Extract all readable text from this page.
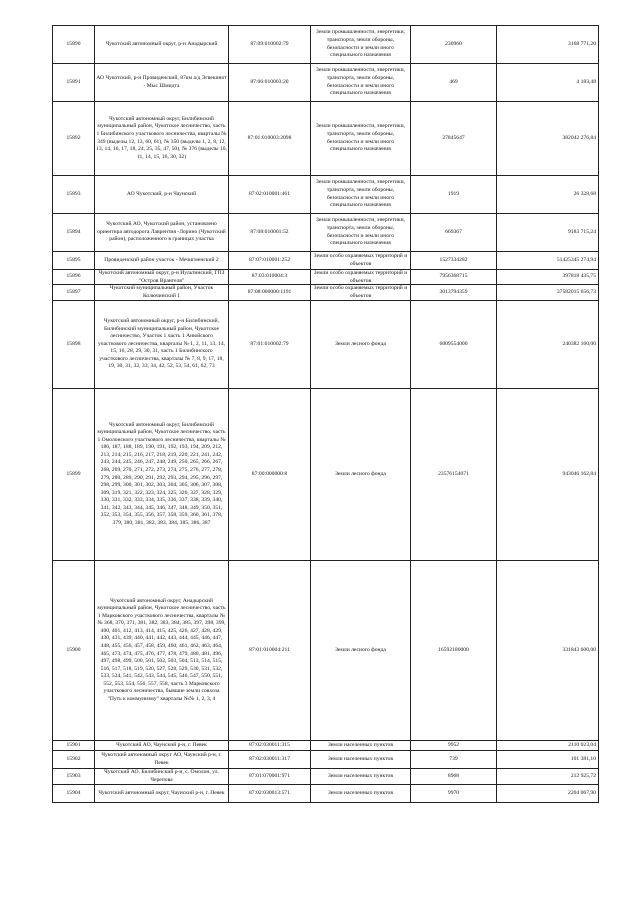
15890	Чукотский автономный округ, р-н Анадырский	87:09:010002:79	Земли промышленности, энергетики, транспорта, земли обороны, безопасности и земли иного специального назначения	230960	3168 771,20

15891	АО Чукотский, р-н Провиденский, 87км а/д Эгвекинот - Мыс Шмидта	87:06:010003:20	Земли промышленности, энергетики, транспорта, земли обороны, безопасности и земли иного специального назначения	469	4 183,48

15892	Чукотский автономный округ, Билибинский муниципальный район, Чукотское лесничество, часть 1 Билибинского участкового лесничества, кварталы № 349 (выделы 12, 13, 60, 61), № 350 (выделы 1, 2, 8, 12, 13, 14, 16, 17, 18, 24, 25, 35, 47, 50), № 376 (выделы 10, 11, 14, 15, 16, 30, 32)	87:01:010003:2098	Земли промышленности, энергетики, транспорта, земли обороны, безопасности и земли иного специального назначения	27845647	382042 276,84

15893	АО Чукотский, р-н Чаунский	87:02:010001:461	Земли промышленности, энергетики, транспорта, земли обороны, безопасности и земли иного специального назначения	1919	26 328,68

15894	Чукотский АО, Чукотский район, установлено ориентира автодорога Лаврентия -Лорино (Чукотский район), расположенного в границах участка	87:08:010001:52	Земли промышленности, энергетики, транспорта, земли обороны, безопасности и земли иного специального назначения	669367	9183 715,24

15895	Провиденский район участок - Мечигменский 2	87:07:010001:252	Земли особо охраняемых территорий и объектов	1527334282	51425345 274,94

15896	Чукотский автономный округ, р-н Иультинский, ГПЗ "Остров Врангеля"	87:03:010004:3	Земли особо охраняемых территорий и объектов	7956368715	397818 435,75

15897	Чукотский муниципальный район, Участок Колючинский 1	87:08:000000:1191	Земли особо охраняемых территорий и объектов	3013794359	37582015 656,73

15898	Чукотский автономный округ, р-н Билибинский, Билибинский муниципальный район, Чукотское лесничество, Участок 1 часть 1 Анюйского участкового лесничества, кварталы № 1, 2, 11, 13, 14, 15, 16, 28, 29, 30, 31, часть 1 Билибинского участкового лесничества, кварталы № 7, 8, 9, 17, 18, 19, 30, 31, 32, 33, 34, 42, 52, 53, 54, 61, 62, 73	87:01:010002:79	Земли лесного фонда	6009554000	240382 160,00

15899	Чукотский автономный округ, Билибинский муниципальный район, Чукотское лесничество, часть 1 Омолонского участкового лесничества, кварталы № 186, 187, 188, 189, 190, 191, 192, 193, 194, 209, 212, 213, 214, 215, 216, 217, 218, 219, 220, 221, 241, 242, 243, 244, 245, 246, 247, 248, 249, 250, 265, 266, 267, 268, 269, 270, 271, 272, 273, 274, 275, 276, 277, 278, 279, 280, 289, 290, 291, 292, 293, 294, 295, 296, 297, 298, 299, 300, 301, 302, 303, 304, 305, 306, 307, 308, 309, 319, 321, 322, 323, 324, 325, 326, 327, 328, 329, 330, 331, 332, 333, 334, 335, 336, 337, 338, 339, 340, 341, 342, 343, 344, 345, 346, 347, 348, 349, 350, 351, 352, 353, 354, 355, 356, 357, 358, 359, 360, 361, 378, 379, 380, 381, 382, 383, 384, 385, 386, 387	87:00:000000:8	Земли лесного фонда	23576154071	943046 162,84

15900	Чукотский автономный округ, Анадырский муниципальный район, Чукотское лесничество, часть 1 Марковского участкового лесничества, кварталы №№ 368, 370, 371, 381, 382, 383, 384, 385, 397, 398, 399, 400, 401, 412, 413, 414, 415, 425, 426, 427, 428, 429, 430, 431, 439, 440, 441, 442, 443, 444, 445, 446, 447, 448, 455, 456, 457, 458, 459, 460, 461, 462, 463, 464, 465, 473, 474, 475, 476, 477, 478, 479, 480, 481, 496, 497, 498, 499, 500, 501, 502, 503, 504, 513, 514, 515, 516, 517, 518, 519, 520, 527, 528, 529, 530, 531, 532, 533, 534, 541, 542, 543, 544, 545, 546, 547, 550, 551, 552, 553, 554, 556, 557, 558, часть 3 Марковского участкового лесничества, бывшие земли совхоза "Путь к коммунизму" кварталы №№ 1, 2, 3, 4	87:01:010004:211	Земли лесного фонда	16592180000	331843 600,00

15901	Чукотский АО, Чаунский р-н, г. Певек	87:02:030011:315	Земли населенных пунктов	9952	2110 023,04

15902	Чукотский автономный округ АО, Чаунский р-н, г. Певек	87:02:030011:317	Земли населенных пунктов	739	101 381,10

15903	Чукотский АО, Билибинский р-н, с. Омолон, ул. Черепова	87:01:070001:971	Земли населенных пунктов	8968	212 925,72

15904	Чукотский автономный округ, Чаунский р-н, г. Певек	87:02:030013:571	Земли населенных пунктов	9970	2204 067,90
